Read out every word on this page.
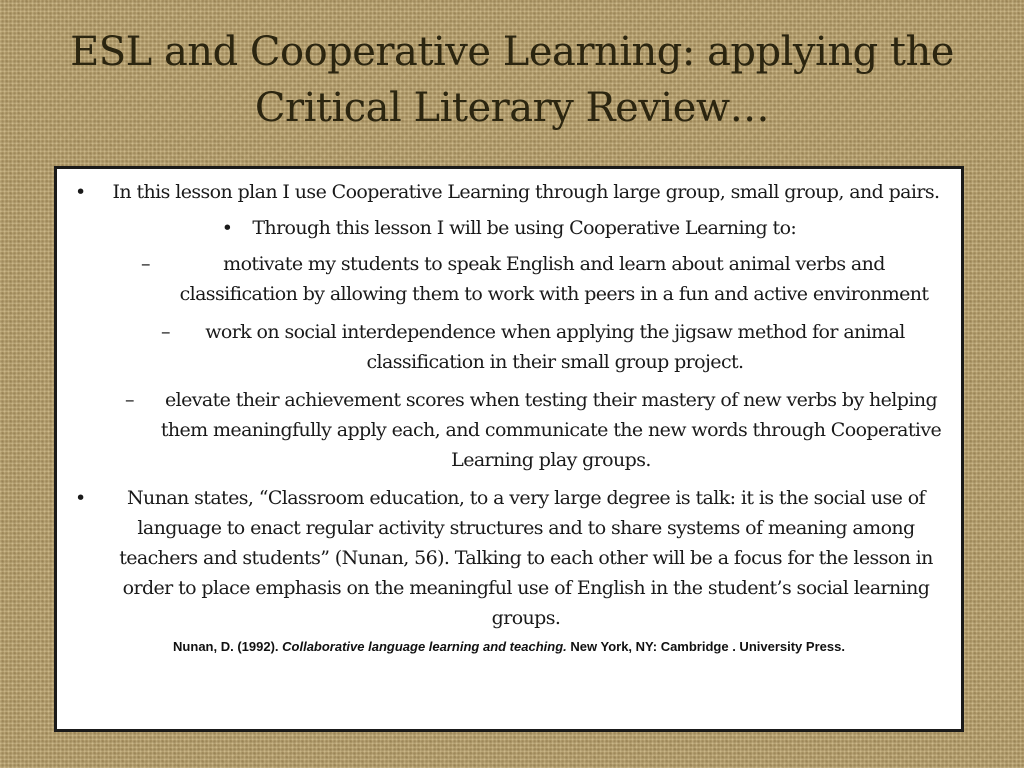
ESL and Cooperative Learning: applying the Critical Literary Review…
• In this lesson plan I use Cooperative Learning through large group, small group, and pairs.
• Through this lesson I will be using Cooperative Learning to:
–	motivate my students to speak English and learn about animal verbs and classification by allowing them to work with peers in a fun and active environment
– work on social interdependence when applying the jigsaw method for animal classification in their small group project.
– elevate their achievement scores when testing their mastery of new verbs by helping them meaningfully apply each, and communicate the new words through Cooperative Learning play groups.
• Nunan states, “Classroom education, to a very large degree is talk: it is the social use of language to enact regular activity structures and to share systems of meaning among teachers and students” (Nunan, 56). Talking to each other will be a focus for the lesson in order to place emphasis on the meaningful use of English in the student’s social learning groups.
Nunan, D. (1992). Collaborative language learning and teaching. New York, NY: Cambridge . University Press.
